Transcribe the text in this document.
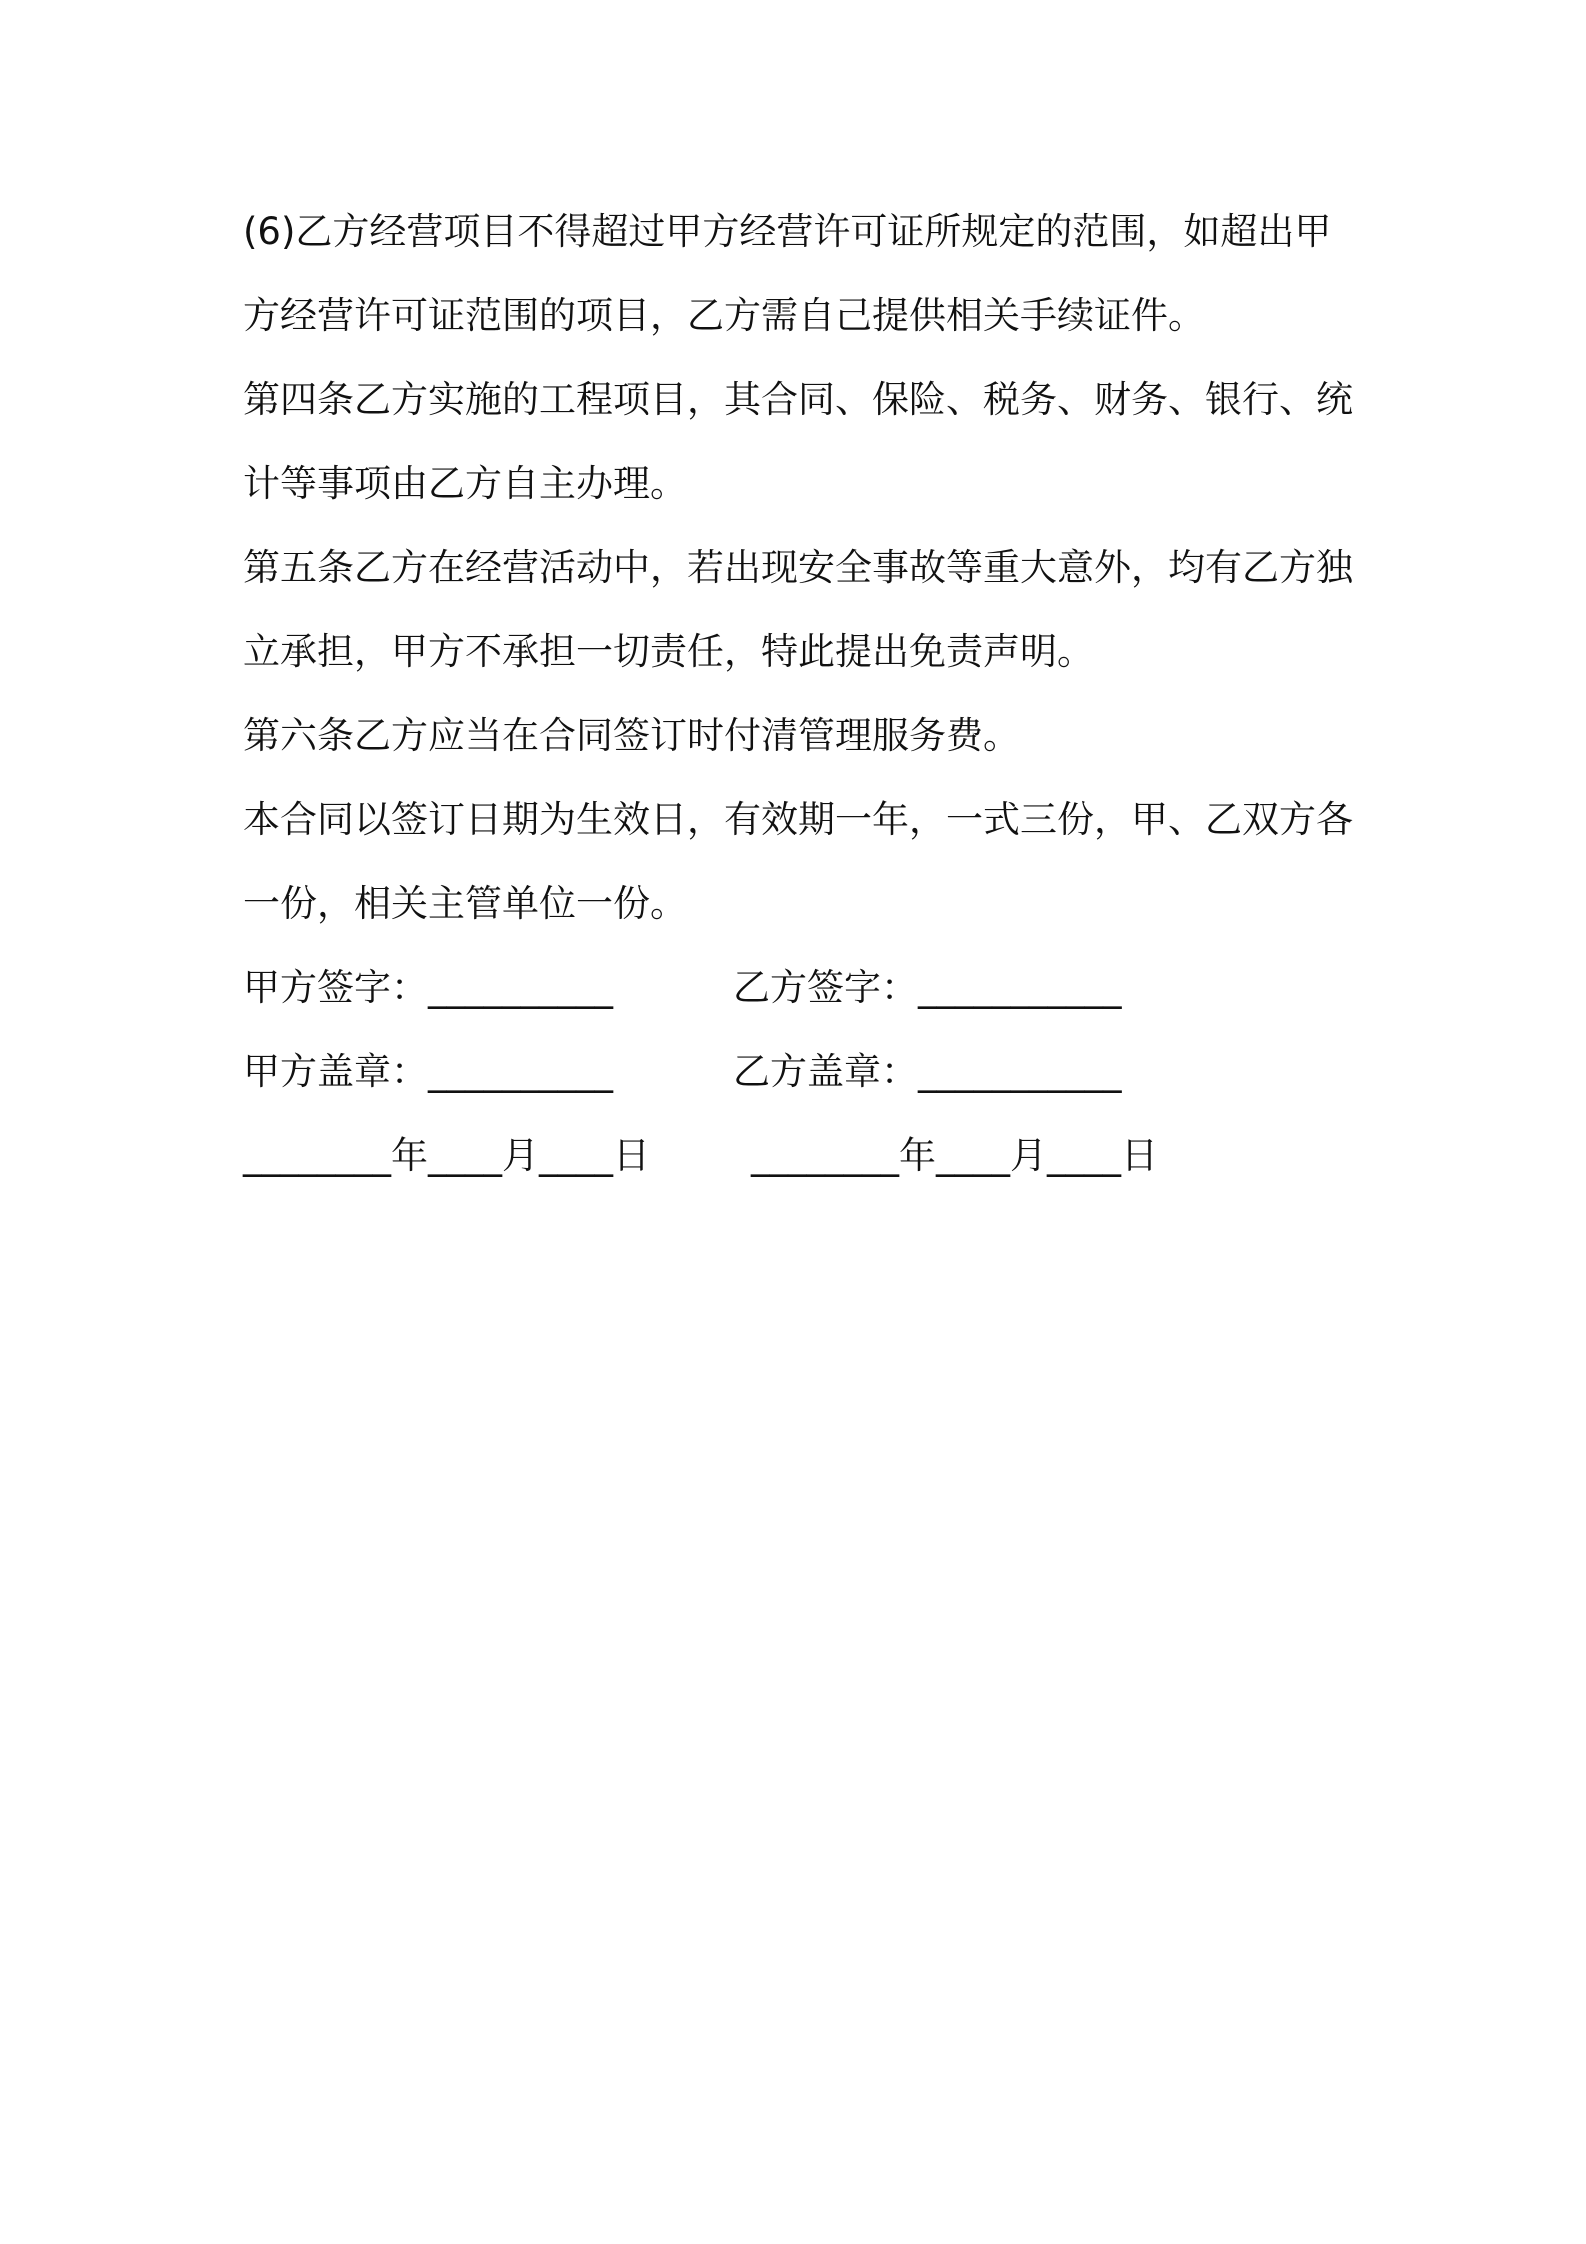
(6)乙方经营项目不得超过甲方经营许可证所规定的范围，如超出甲方经营许可证范围的项目，乙方需自己提供相关手续证件。

第四条乙方实施的工程项目，其合同、保险、税务、财务、银行、统计等事项由乙方自主办理。

第五条乙方在经营活动中，若出现安全事故等重大意外，均有乙方独立承担，甲方不承担一切责任，特此提出免责声明。

第六条乙方应当在合同签订时付清管理服务费。

本合同以签订日期为生效日，有效期一年，一式三份，甲、乙双方各一份，相关主管单位一份。

甲方签字：__________	乙方签字：___________
甲方盖章：__________	乙方盖章：___________
________年____月____日	________年____月____日
